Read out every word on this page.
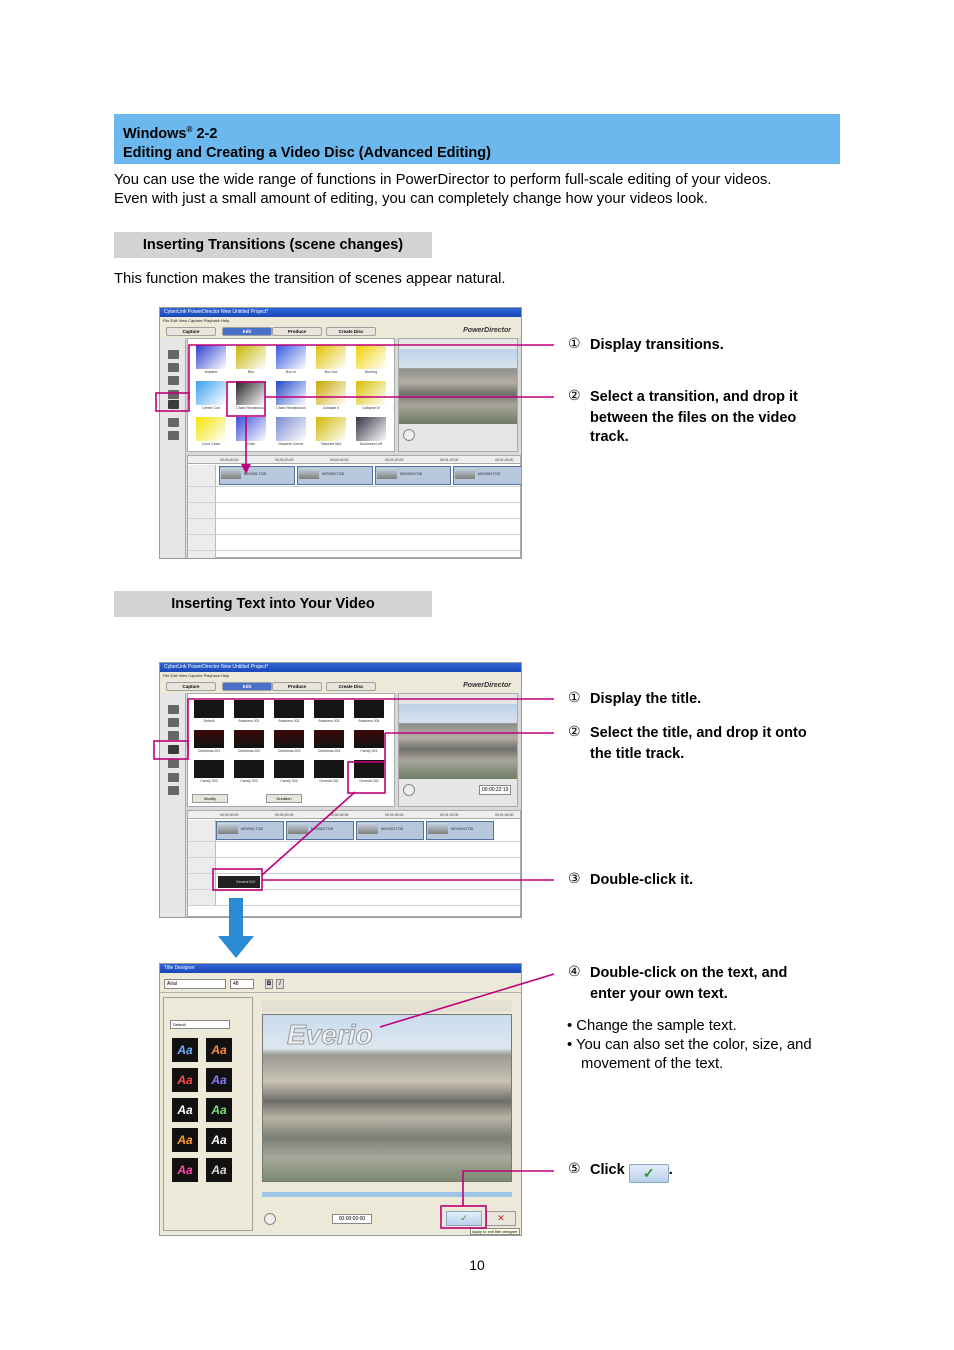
Windows® 2-2
Editing and Creating a Video Disc (Advanced Editing)
You can use the wide range of functions in PowerDirector to perform full-scale editing of your videos.
Even with just a small amount of editing, you can completely change how your videos look.
Inserting Transitions (scene changes)
This function makes the transition of scenes appear natural.
CyberLink PowerDirector New Untitled Project*
File Edit View Capture Playback Help
Capture	Edit	Produce	Create Disc	PowerDirector
Airplane	Blur	Box In	Box Out	Burning
Center Curl	Chain Rendezvous	Chain Rendezvous	Collapse II	Collapse IV
Color Circle	Cube	Dissolve Corner	Dissolve Mid	Dominoes Left
00;00;00;00	00;00;20;00	00;00;40;00	00;01;00;00	00;01;20;00	00;01;40;00
MOV001.TOD	MOV002.TOD	MOV003.TOD	MOV004.TOD
Inserting Text into Your Video
CyberLink PowerDirector New Untitled Project*
File Edit View Capture Playback Help
Capture	Edit	Produce	Create Disc	PowerDirector
Default	Business 001	Business 002	Business 003	Business 004
Christmas 001	Christmas 002	Christmas 003	Christmas 004	Family 001
Family 002	Family 003	Family 004	General 001	General 002
Modify	Duration
00:00:22:19
00;00;00;00	00;00;20;00	00;00;40;00	00;01;00;00	00;01;20;00	00;01;40;00
MOV001.TOD	MOV002.TOD	MOV003.TOD	MOV004.TOD
General 002
Title Designer
Arial	48	B	I
Default
Aa	Aa
Aa	Aa
Aa	Aa
Aa	Aa
Aa	Aa
Everio
00:00:00:00	✓	✕
Apply to exit title designer
① Display transitions.
② Select a transition, and drop it
between the files on the video
track.
① Display the title.
② Select the title, and drop it onto
the title track.
③ Double-click it.
④ Double-click on the text, and
enter your own text.
• Change the sample text.
• You can also set the color, size, and
movement of the text.
⑤ Click ✓ .
10
